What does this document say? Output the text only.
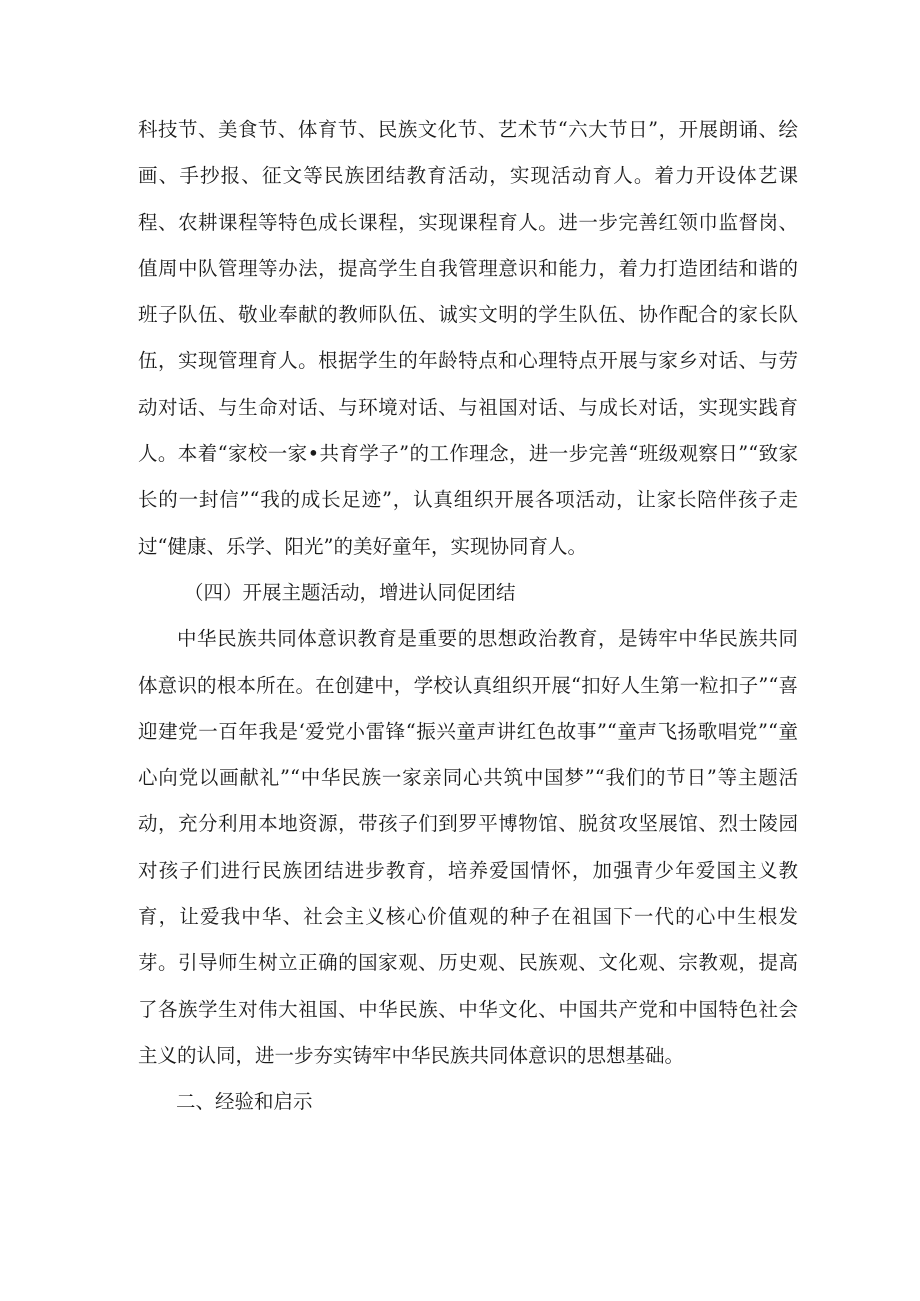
科技节、美食节、体育节、民族文化节、艺术节“六大节日”，开展朗诵、绘画、手抄报、征文等民族团结教育活动，实现活动育人。着力开设体艺课程、农耕课程等特色成长课程，实现课程育人。进一步完善红领巾监督岗、值周中队管理等办法，提高学生自我管理意识和能力，着力打造团结和谐的班子队伍、敬业奉献的教师队伍、诚实文明的学生队伍、协作配合的家长队伍，实现管理育人。根据学生的年龄特点和心理特点开展与家乡对话、与劳动对话、与生命对话、与环境对话、与祖国对话、与成长对话，实现实践育人。本着“家校一家•共育学子”的工作理念，进一步完善“班级观察日”“致家长的一封信”“我的成长足迹”，认真组织开展各项活动，让家长陪伴孩子走过“健康、乐学、阳光”的美好童年，实现协同育人。

（四）开展主题活动，增进认同促团结

中华民族共同体意识教育是重要的思想政治教育，是铸牢中华民族共同体意识的根本所在。在创建中，学校认真组织开展“扣好人生第一粒扣子”“喜迎建党一百年我是‘爱党小雷锋“振兴童声讲红色故事”“童声飞扬歌唱党”“童心向党以画献礼”“中华民族一家亲同心共筑中国梦”“我们的节日”等主题活动，充分利用本地资源，带孩子们到罗平博物馆、脱贫攻坚展馆、烈士陵园对孩子们进行民族团结进步教育，培养爱国情怀，加强青少年爱国主义教育，让爱我中华、社会主义核心价值观的种子在祖国下一代的心中生根发芽。引导师生树立正确的国家观、历史观、民族观、文化观、宗教观，提高了各族学生对伟大祖国、中华民族、中华文化、中国共产党和中国特色社会主义的认同，进一步夯实铸牢中华民族共同体意识的思想基础。

二、经验和启示
